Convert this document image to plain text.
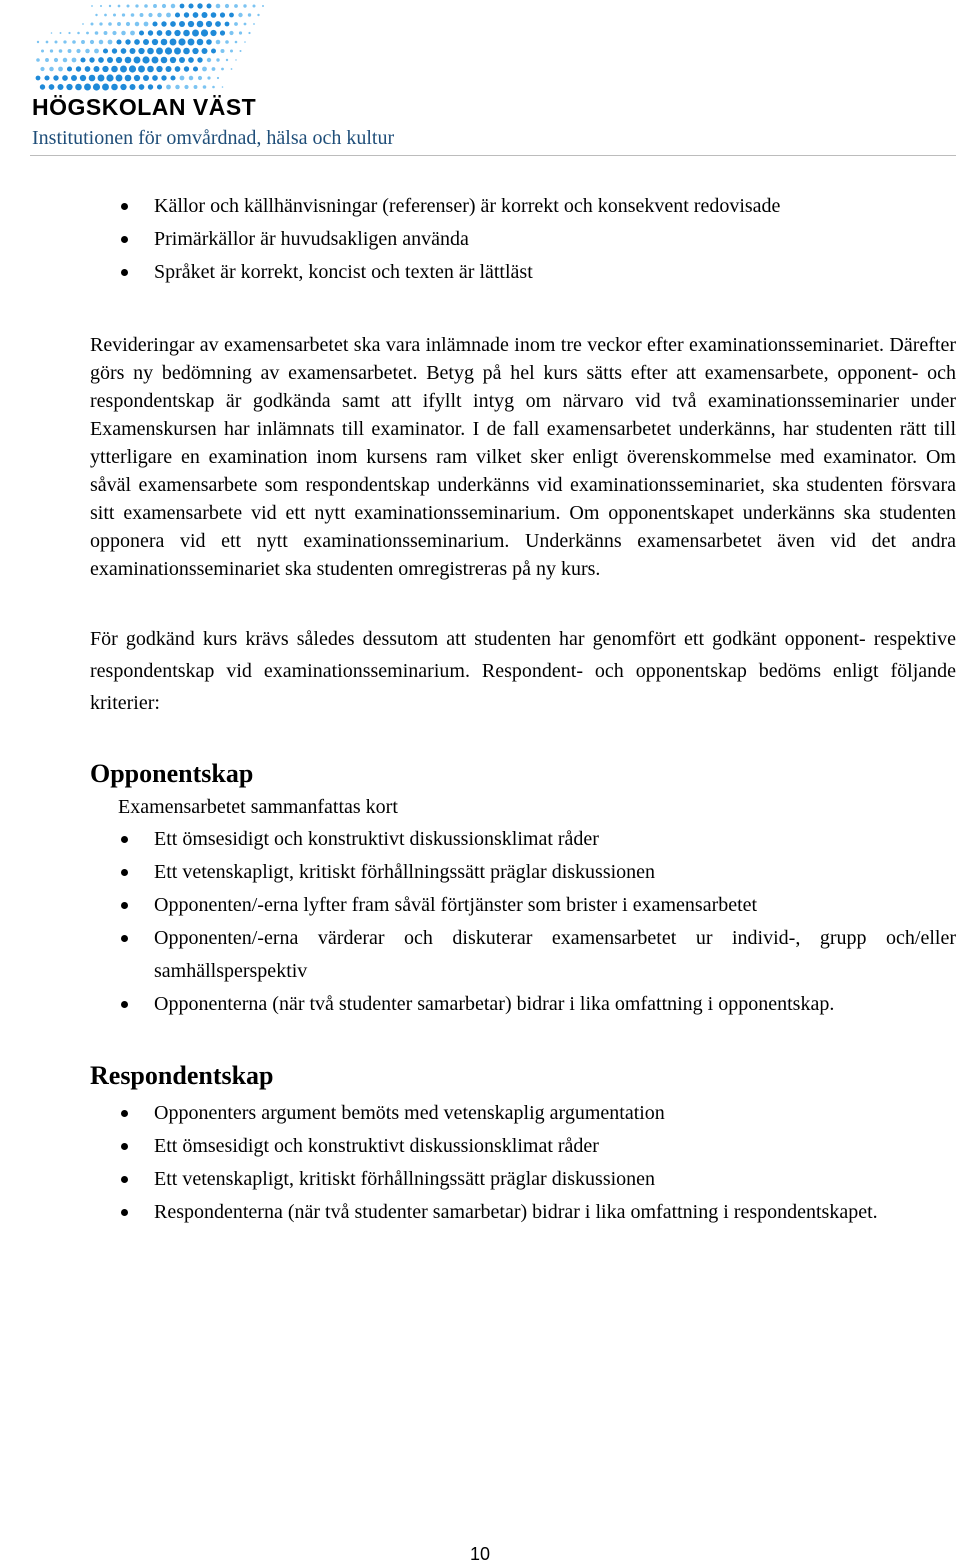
HÖGSKOLAN VÄST

Institutionen för omvårdnad, hälsa och kultur

Källor och källhänvisningar (referenser) är korrekt och konsekvent redovisade
Primärkällor är huvudsakligen använda
Språket är korrekt, koncist och texten är lättläst

Revideringar av examensarbetet ska vara inlämnade inom tre veckor efter examinationsseminariet. Därefter görs ny bedömning av examensarbetet. Betyg på hel kurs sätts efter att examensarbete, opponent- och respondentskap är godkända samt att ifyllt intyg om närvaro vid två examinationsseminarier under Examenskursen har inlämnats till examinator. I de fall examensarbetet underkänns, har studenten rätt till ytterligare en examination inom kursens ram vilket sker enligt överenskommelse med examinator. Om såväl examensarbete som respondentskap underkänns vid examinationsseminariet, ska studenten försvara sitt examensarbete vid ett nytt examinationsseminarium. Om opponentskapet underkänns ska studenten opponera vid ett nytt examinationsseminarium. Underkänns examensarbetet även vid det andra examinationsseminariet ska studenten omregistreras på ny kurs.

För godkänd kurs krävs således dessutom att studenten har genomfört ett godkänt opponent- respektive respondentskap vid examinationsseminarium. Respondent- och opponentskap bedöms enligt följande kriterier:

Opponentskap

Examensarbetet sammanfattas kort

Ett ömsesidigt och konstruktivt diskussionsklimat råder
Ett vetenskapligt, kritiskt förhållningssätt präglar diskussionen
Opponenten/-erna lyfter fram såväl förtjänster som brister i examensarbetet
Opponenten/-erna värderar och diskuterar examensarbetet ur individ-, grupp och/eller samhällsperspektiv
Opponenterna (när två studenter samarbetar) bidrar i lika omfattning i opponentskap.
Respondentskap
Opponenters argument bemöts med vetenskaplig argumentation
Ett ömsesidigt och konstruktivt diskussionsklimat råder
Ett vetenskapligt, kritiskt förhållningssätt präglar diskussionen
Respondenterna (när två studenter samarbetar) bidrar i lika omfattning i respondentskapet.
10
